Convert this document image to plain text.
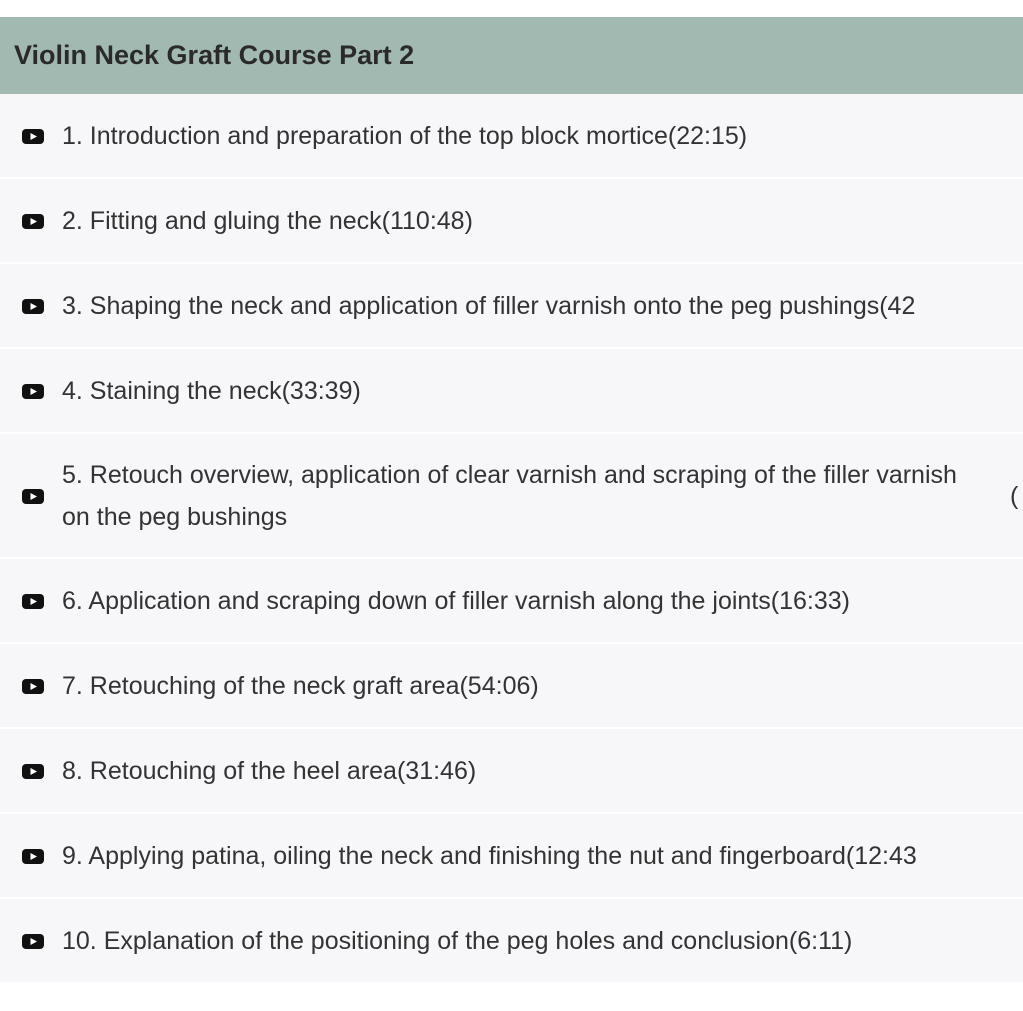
Violin Neck Graft Course Part 2
1. Introduction and preparation of the top block mortice (22:15)
2. Fitting and gluing the neck (110:48)
3. Shaping the neck and application of filler varnish onto the peg pushings (42
4. Staining the neck (33:39)
5. Retouch overview, application of clear varnish and scraping of the filler varnish on the peg bushings
(
6. Application and scraping down of filler varnish along the joints (16:33)
7. Retouching of the neck graft area (54:06)
8. Retouching of the heel area (31:46)
9. Applying patina, oiling the neck and finishing the nut and fingerboard (12:43
10. Explanation of the positioning of the peg holes and conclusion (6:11)
